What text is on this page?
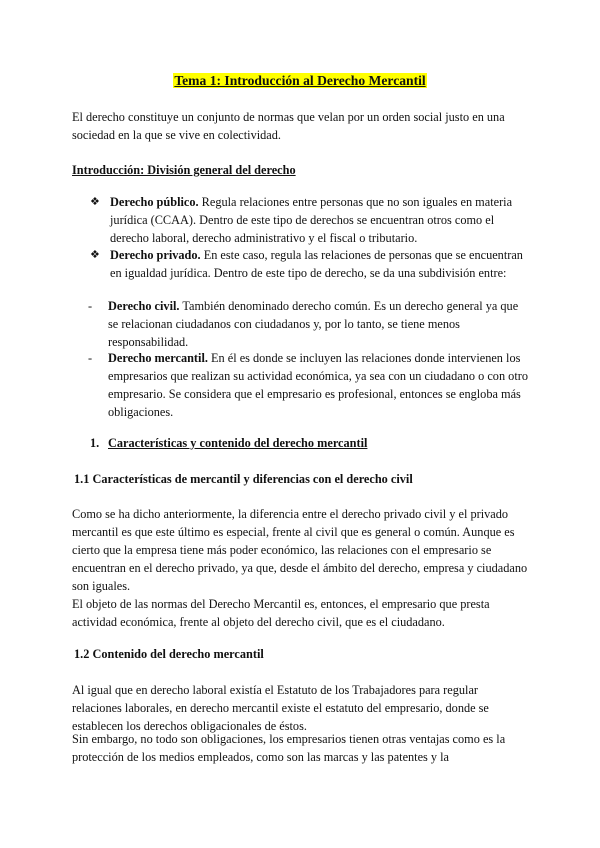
Tema 1: Introducción al Derecho Mercantil

El derecho constituye un conjunto de normas que velan por un orden social justo en una sociedad en la que se vive en colectividad.

Introducción: División general del derecho

❖ Derecho público. Regula relaciones entre personas que no son iguales en materia jurídica (CCAA). Dentro de este tipo de derechos se encuentran otros como el derecho laboral, derecho administrativo y el fiscal o tributario.
❖ Derecho privado. En este caso, regula las relaciones de personas que se encuentran en igualdad jurídica. Dentro de este tipo de derecho, se da una subdivisión entre:
-	Derecho civil. También denominado derecho común. Es un derecho general ya que se relacionan ciudadanos con ciudadanos y, por lo tanto, se tiene menos responsabilidad.
-	Derecho mercantil. En él es donde se incluyen las relaciones donde intervienen los empresarios que realizan su actividad económica, ya sea con un ciudadano o con otro empresario. Se considera que el empresario es profesional, entonces se engloba más obligaciones.
1. Características y contenido del derecho mercantil

1.1 Características de mercantil y diferencias con el derecho civil

Como se ha dicho anteriormente, la diferencia entre el derecho privado civil y el privado mercantil es que este último es especial, frente al civil que es general o común. Aunque es cierto que la empresa tiene más poder económico, las relaciones con el empresario se encuentran en el derecho privado, ya que, desde el ámbito del derecho, empresa y ciudadano son iguales.

El objeto de las normas del Derecho Mercantil es, entonces, el empresario que presta actividad económica, frente al objeto del derecho civil, que es el ciudadano.

1.2 Contenido del derecho mercantil

Al igual que en derecho laboral existía el Estatuto de los Trabajadores para regular relaciones laborales, en derecho mercantil existe el estatuto del empresario, donde se establecen los derechos obligacionales de éstos.

Sin embargo, no todo son obligaciones, los empresarios tienen otras ventajas como es la protección de los medios empleados, como son las marcas y las patentes y la
